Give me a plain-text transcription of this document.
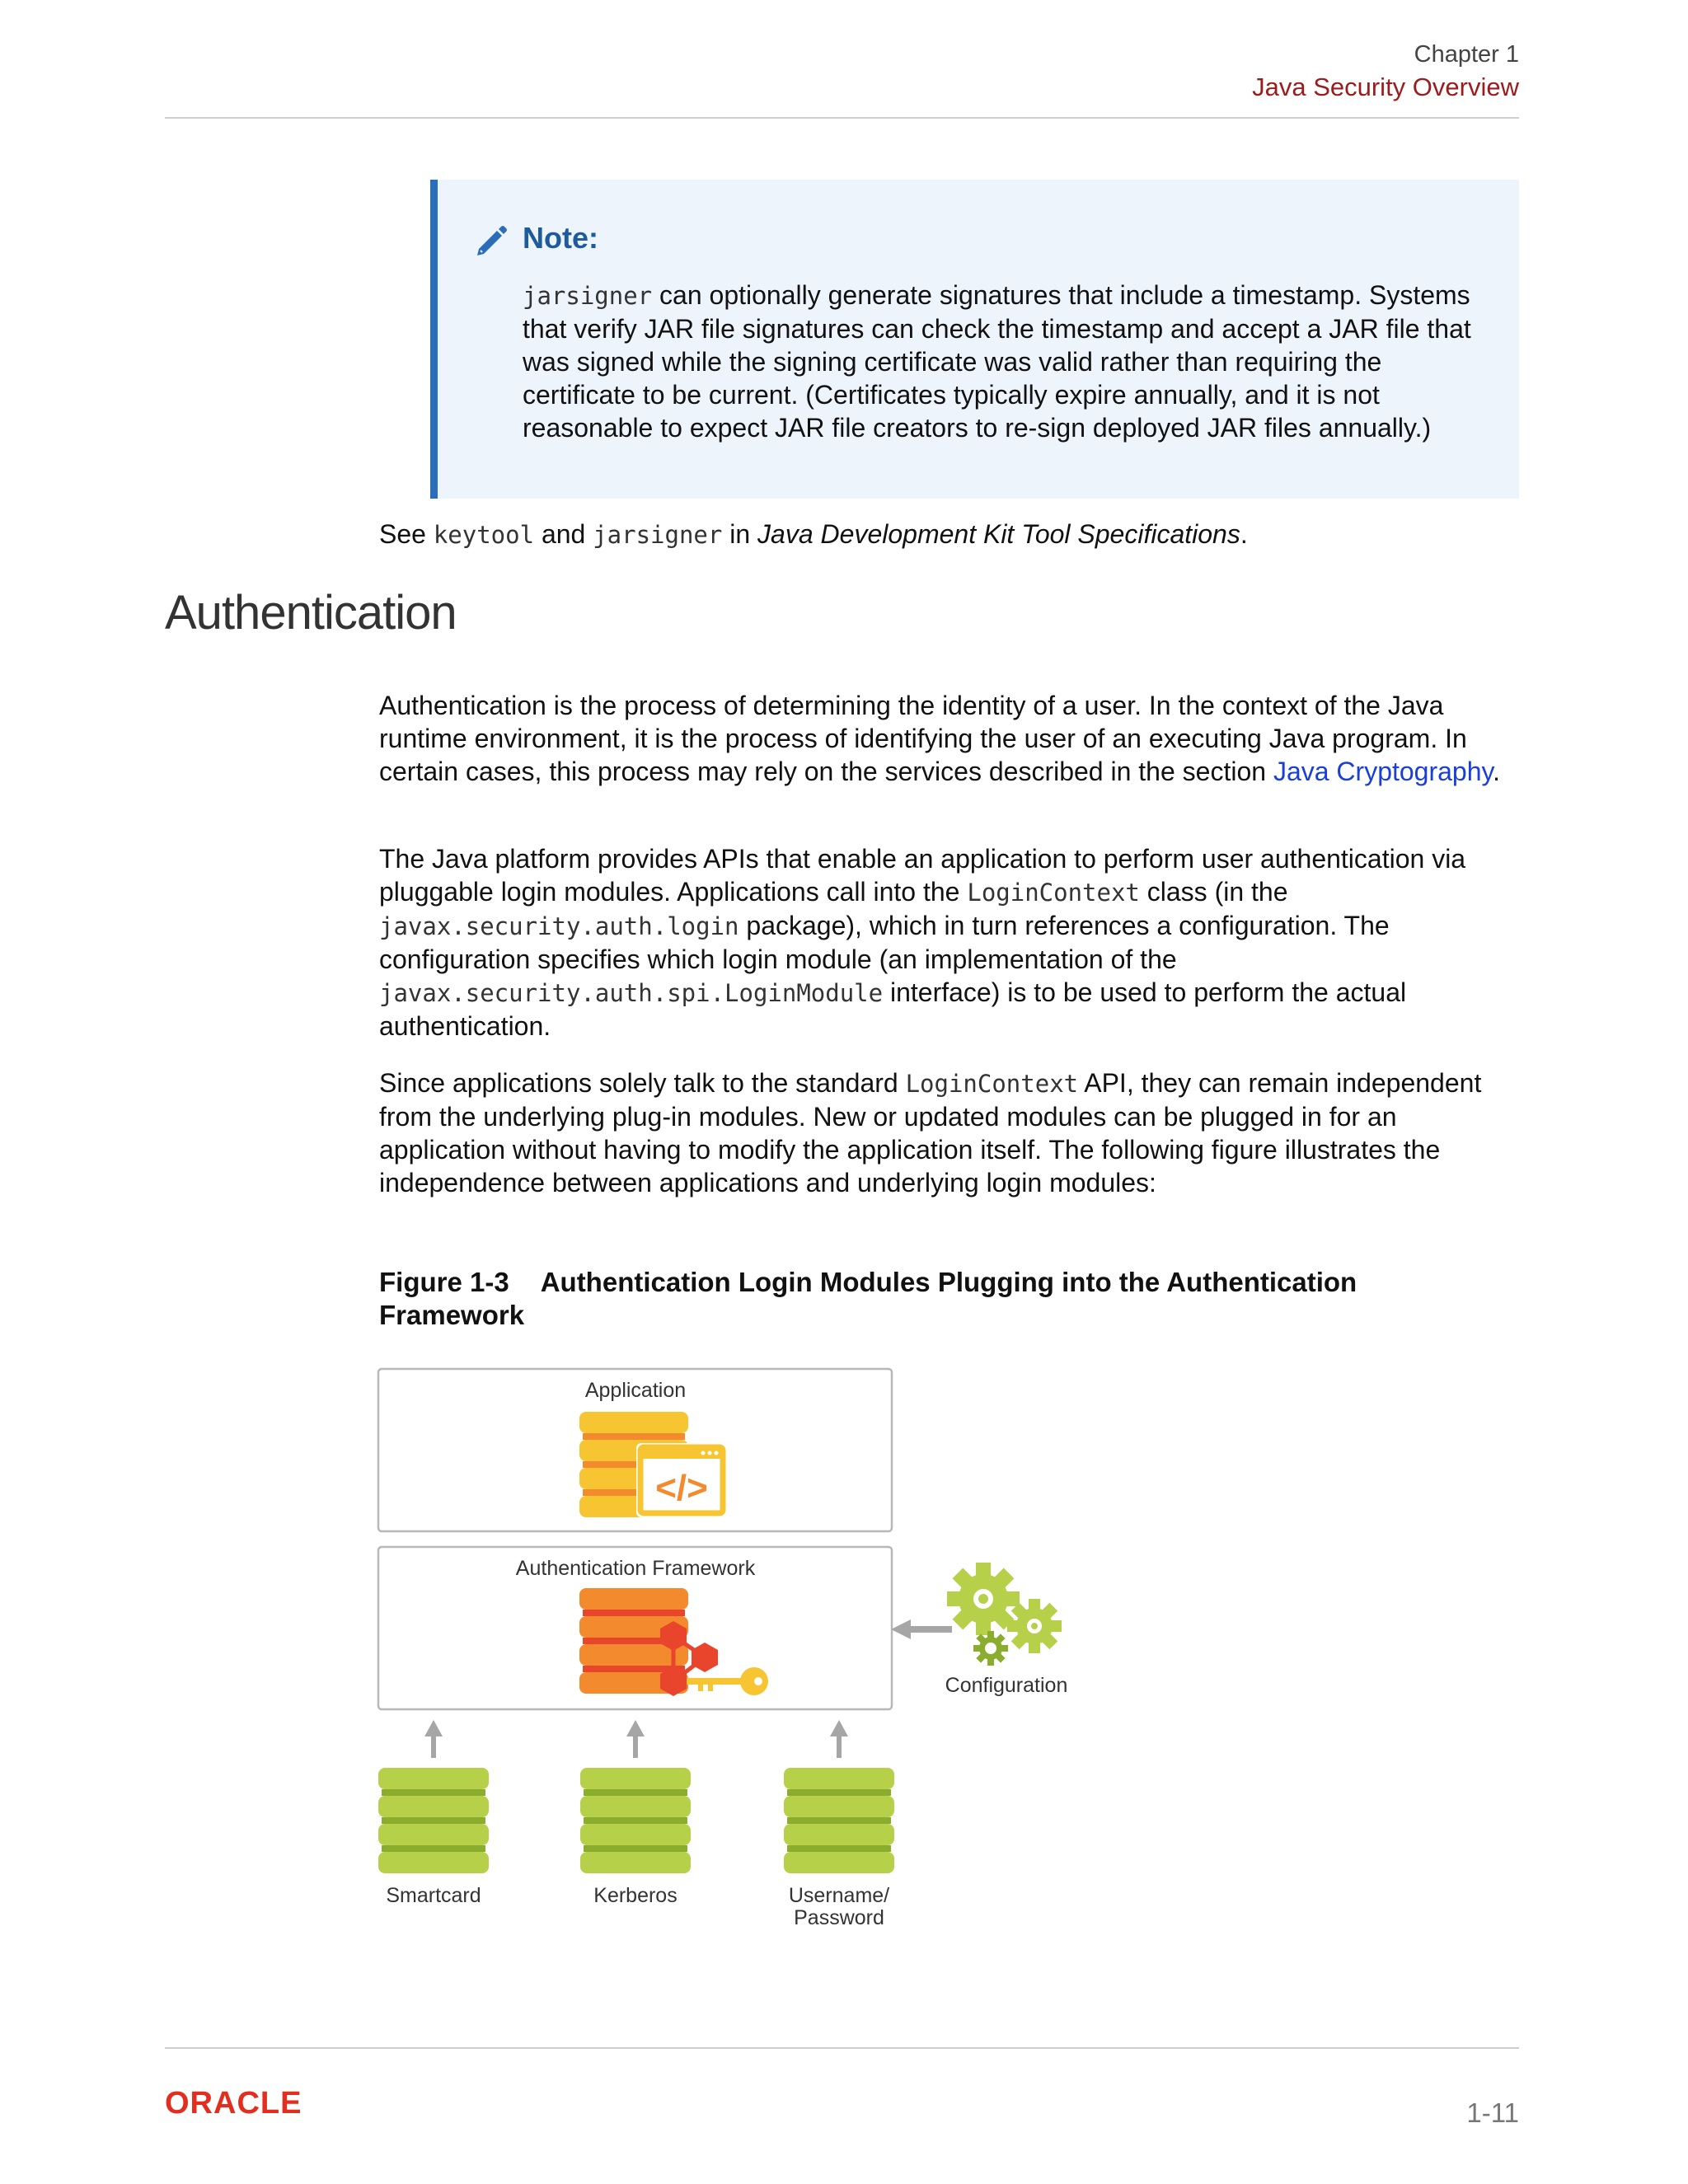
Chapter 1
Java Security Overview
Note:
jarsigner can optionally generate signatures that include a timestamp. Systems that verify JAR file signatures can check the timestamp and accept a JAR file that was signed while the signing certificate was valid rather than requiring the certificate to be current. (Certificates typically expire annually, and it is not reasonable to expect JAR file creators to re-sign deployed JAR files annually.)
See keytool and jarsigner in Java Development Kit Tool Specifications.
Authentication
Authentication is the process of determining the identity of a user. In the context of the Java runtime environment, it is the process of identifying the user of an executing Java program. In certain cases, this process may rely on the services described in the section Java Cryptography.
The Java platform provides APIs that enable an application to perform user authentication via pluggable login modules. Applications call into the LoginContext class (in the javax.security.auth.login package), which in turn references a configuration. The configuration specifies which login module (an implementation of the javax.security.auth.spi.LoginModule interface) is to be used to perform the actual authentication.
Since applications solely talk to the standard LoginContext API, they can remain independent from the underlying plug-in modules. New or updated modules can be plugged in for an application without having to modify the application itself. The following figure illustrates the independence between applications and underlying login modules:
Figure 1-3 Authentication Login Modules Plugging into the Authentication Framework
Application
</>
Authentication Framework
Configuration
Smartcard	Kerberos	Username/
Password
ORACLE	1-11
